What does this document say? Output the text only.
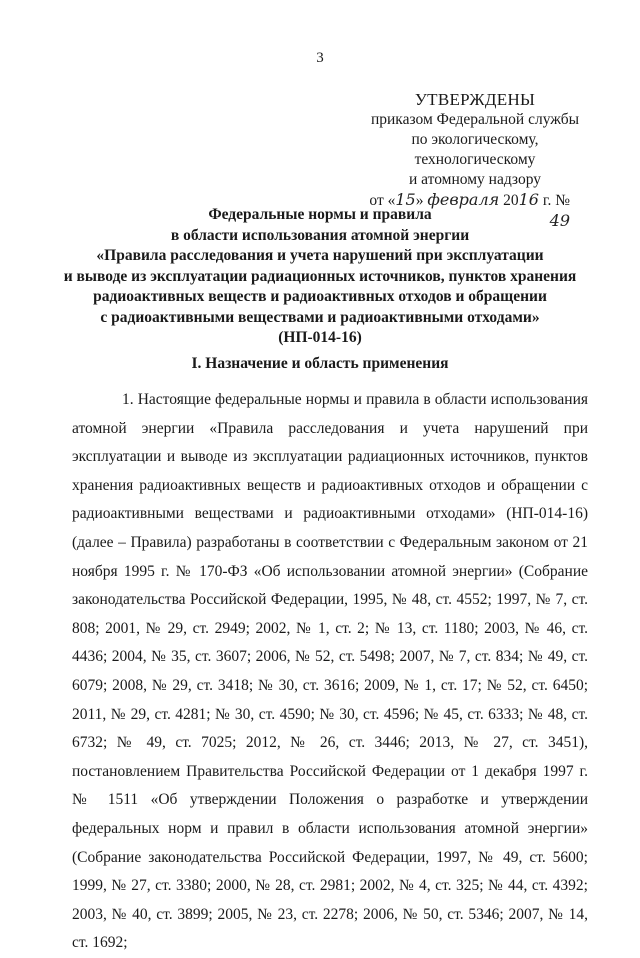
3
УТВЕРЖДЕНЫ
приказом Федеральной службы
по экологическому, технологическому
и атомному надзору
от «15» февраля 2016 г. № 49
Федеральные нормы и правила
в области использования атомной энергии
«Правила расследования и учета нарушений при эксплуатации
и выводе из эксплуатации радиационных источников, пунктов хранения
радиоактивных веществ и радиоактивных отходов и обращении
с радиоактивными веществами и радиоактивными отходами»
(НП-014-16)
I. Назначение и область применения

1. Настоящие федеральные нормы и правила в области использования атомной энергии «Правила расследования и учета нарушений при эксплуатации и выводе из эксплуатации радиационных источников, пунктов хранения радиоактивных веществ и радиоактивных отходов и обращении с радиоактивными веществами и радиоактивными отходами» (НП-014-16) (далее – Правила) разработаны в соответствии с Федеральным законом от 21 ноября 1995 г. № 170-ФЗ «Об использовании атомной энергии» (Собрание законодательства Российской Федерации, 1995, № 48, ст. 4552; 1997, № 7, ст. 808; 2001, № 29, ст. 2949; 2002, № 1, ст. 2; № 13, ст. 1180; 2003, № 46, ст. 4436; 2004, № 35, ст. 3607; 2006, № 52, ст. 5498; 2007, № 7, ст. 834; № 49, ст. 6079; 2008, № 29, ст. 3418; № 30, ст. 3616; 2009, № 1, ст. 17; № 52, ст. 6450; 2011, № 29, ст. 4281; № 30, ст. 4590; № 30, ст. 4596; № 45, ст. 6333; № 48, ст. 6732; № 49, ст. 7025; 2012, № 26, ст. 3446; 2013, № 27, ст. 3451), постановлением Правительства Российской Федерации от 1 декабря 1997 г. № 1511 «Об утверждении Положения о разработке и утверждении федеральных норм и правил в области использования атомной энергии» (Собрание законодательства Российской Федерации, 1997, № 49, ст. 5600; 1999, № 27, ст. 3380; 2000, № 28, ст. 2981; 2002, № 4, ст. 325; № 44, ст. 4392; 2003, № 40, ст. 3899; 2005, № 23, ст. 2278; 2006, № 50, ст. 5346; 2007, № 14, ст. 1692;
